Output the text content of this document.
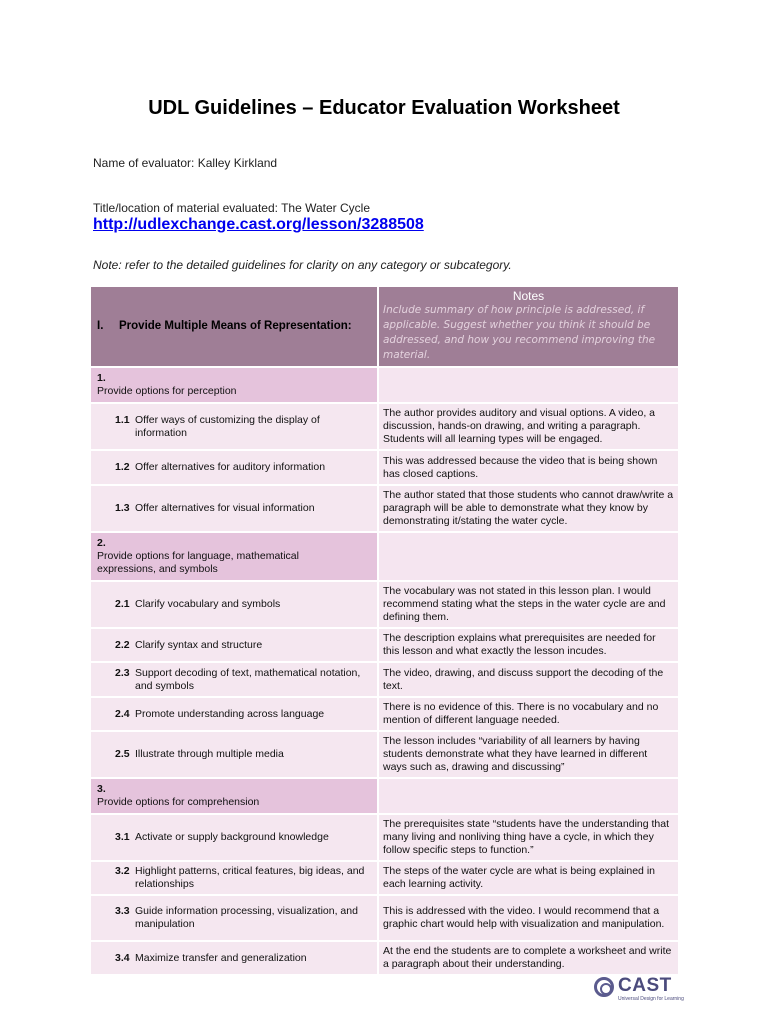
UDL Guidelines – Educator Evaluation Worksheet
Name of evaluator: Kalley Kirkland
Title/location of material evaluated: The Water Cycle
http://udlexchange.cast.org/lesson/3288508
Note: refer to the detailed guidelines for clarity on any category or subcategory.
I. Provide Multiple Means of Representation:	Notes
Include summary of how principle is addressed, if applicable. Suggest whether you think it should be addressed, and how you recommend improving the material.

1.Provide options for perception	
1.1 Offer ways of customizing the display of information	The author provides auditory and visual options. A video, a discussion, hands-on drawing, and writing a paragraph. Students will all learning types will be engaged.
1.2 Offer alternatives for auditory information	This was addressed because the video that is being shown has closed captions.
1.3 Offer alternatives for visual information	The author stated that those students who cannot draw/write a paragraph will be able to demonstrate what they know by demonstrating it/stating the water cycle.
2.Provide options for language, mathematical expressions, and symbols	
2.1 Clarify vocabulary and symbols	The vocabulary was not stated in this lesson plan. I would recommend stating what the steps in the water cycle are and defining them.
2.2 Clarify syntax and structure	The description explains what prerequisites are needed for this lesson and what exactly the lesson incudes.
2.3 Support decoding of text, mathematical notation, and symbols	The video, drawing, and discuss support the decoding of the text.
2.4 Promote understanding across language	There is no evidence of this. There is no vocabulary and no mention of different language needed.
2.5 Illustrate through multiple media	The lesson includes “variability of all learners by having students demonstrate what they have learned in different ways such as, drawing and discussing”
3.Provide options for comprehension	
3.1 Activate or supply background knowledge	The prerequisites state “students have the understanding that many living and nonliving thing have a cycle, in which they follow specific steps to function.”
3.2 Highlight patterns, critical features, big ideas, and relationships	The steps of the water cycle are what is being explained in each learning activity.
3.3 Guide information processing, visualization, and manipulation	This is addressed with the video. I would recommend that a graphic chart would help with visualization and manipulation.
3.4 Maximize transfer and generalization	At the end the students are to complete a worksheet and write a paragraph about their understanding.
CAST
Universal Design for Learning
